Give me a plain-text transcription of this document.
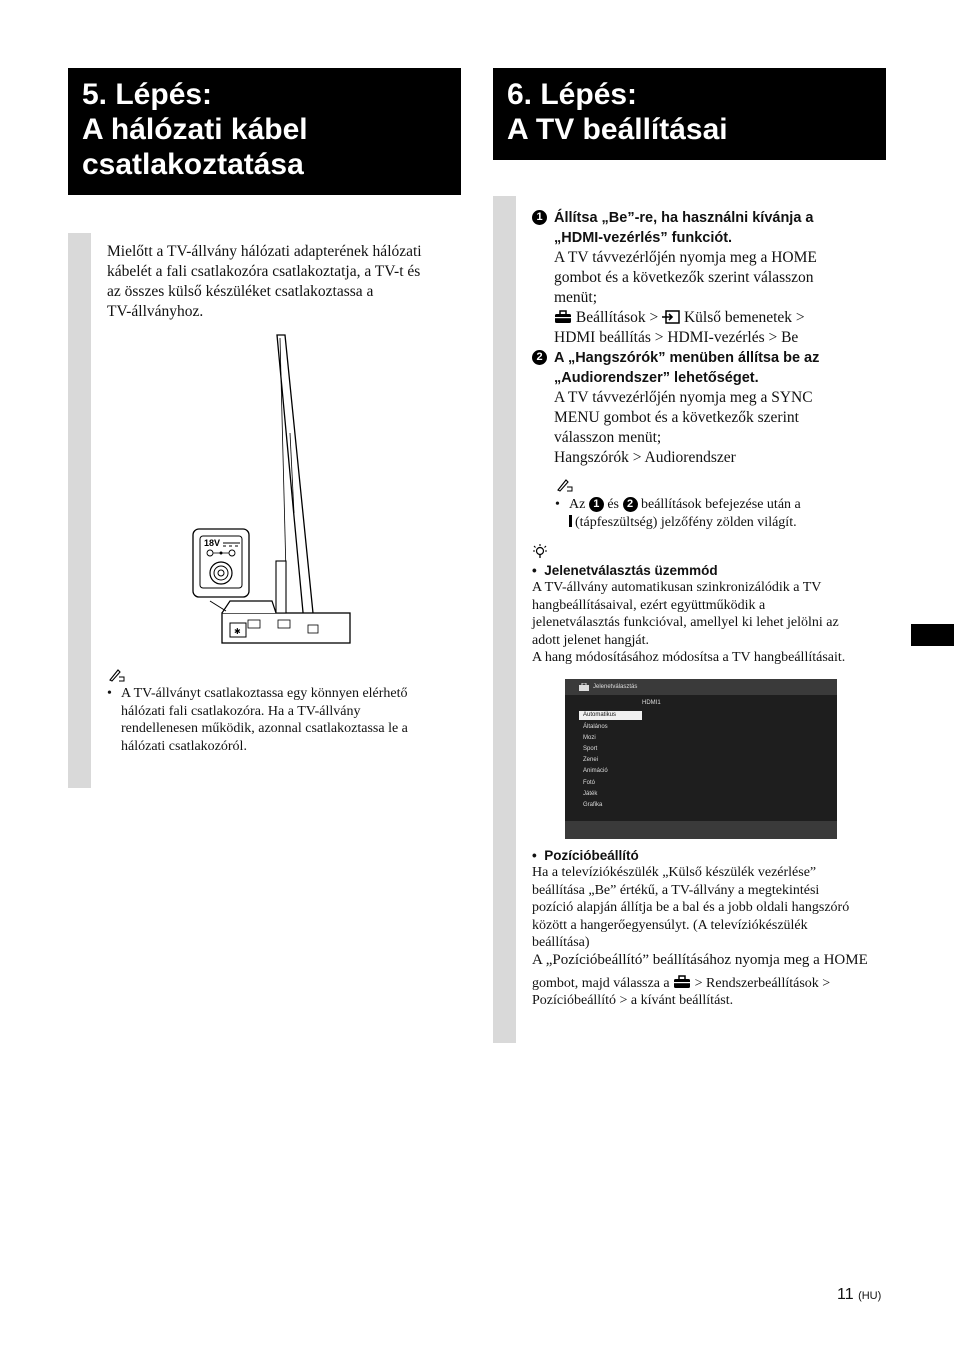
5. Lépés:
A hálózati kábel
csatlakoztatása
6. Lépés:
A TV beállításai
Mielőtt a TV-állvány hálózati adapterének hálózati
kábelét a fali csatlakozóra csatlakoztatja, a TV-t és
az összes külső készüléket csatlakoztassa a
TV-állványhoz.
✱
18V
• A TV-állványt csatlakoztassa egy könnyen elérhető
hálózati fali csatlakozóra. Ha a TV-állvány
rendellenesen működik, azonnal csatlakoztassa le a
hálózati csatlakozóról.
1 Állítsa „Be”-re, ha használni kívánja a
„HDMI-vezérlés” funkciót.
A TV távvezérlőjén nyomja meg a HOME
gombot és a következők szerint válasszon
menüt;
Beállítások >  Külső bemenetek >
HDMI beállítás > HDMI-vezérlés > Be
2 A „Hangszórók” menüben állítsa be az
„Audiorendszer” lehetőséget.
A TV távvezérlőjén nyomja meg a SYNC
MENU gombot és a következők szerint
válasszon menüt;
Hangszórók > Audiorendszer
• Az 1 és 2 beállítások befejezése után a
(tápfeszültség) jelzőfény zölden világít.
•  Jelenetválasztás üzemmód
A TV-állvány automatikusan szinkronizálódik a TV
hangbeállításaival, ezért együttműködik a
jelenetválasztás funkcióval, amellyel ki lehet jelölni az
adott jelenet hangját.
A hang módosításához módosítsa a TV hangbeállításait.
Jelenetválasztás
HDMI1
Automatikus
Általános
Mozi
Sport
Zenei
Animáció
Fotó
Játék
Grafika
•  Pozícióbeállító
Ha a televíziókészülék „Külső készülék vezérlése”
beállítása „Be” értékű, a TV-állvány a megtekintési
pozíció alapján állítja be a bal és a jobb oldali hangszóró
között a hangerőegyensúlyt. (A televíziókészülék
beállítása)
A „Pozícióbeállító” beállításához nyomja meg a HOME
gombot, majd válassza a  > Rendszerbeállítások >
Pozícióbeállító > a kívánt beállítást.
11 (HU)
